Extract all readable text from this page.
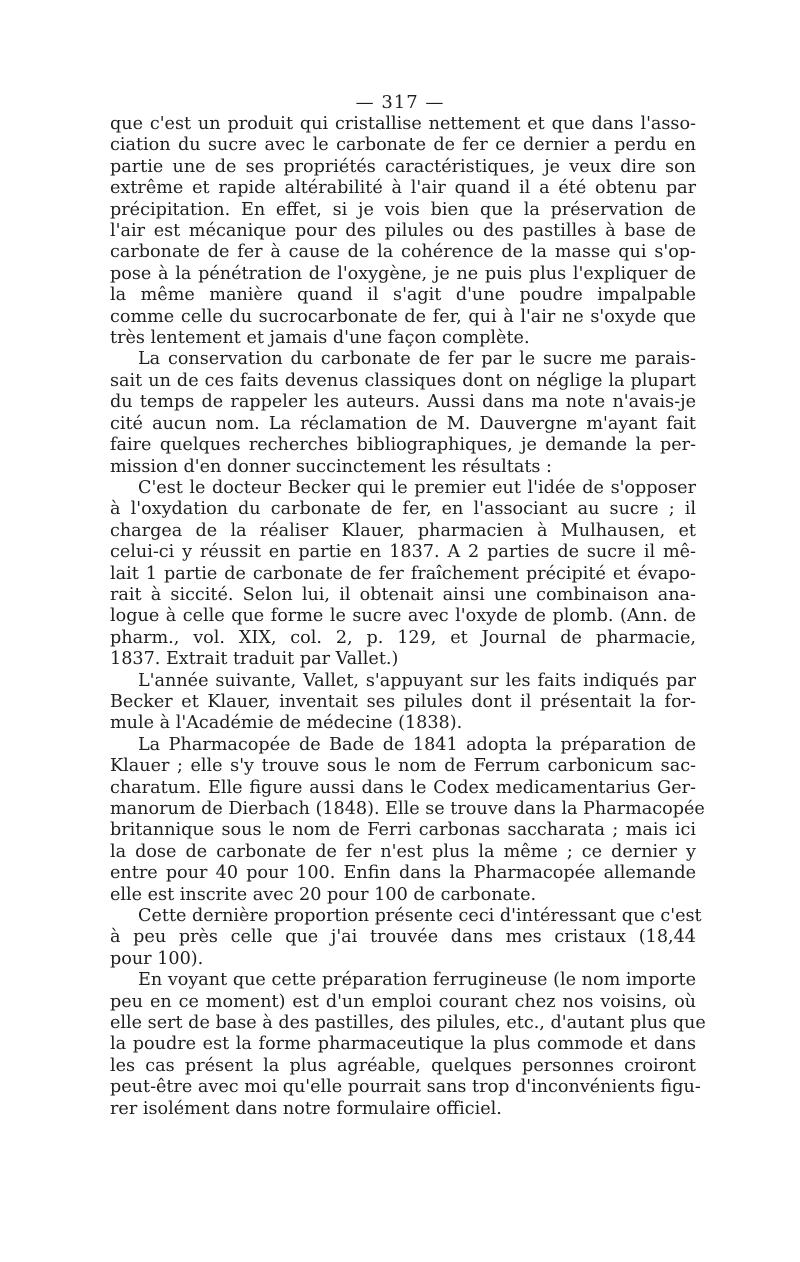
— 317 —
que c'est un produit qui cristallise nettement et que dans l'asso-
ciation du sucre avec le carbonate de fer ce dernier a perdu en
partie une de ses propriétés caractéristiques, je veux dire son
extrême et rapide altérabilité à l'air quand il a été obtenu par
précipitation. En effet, si je vois bien que la préservation de
l'air est mécanique pour des pilules ou des pastilles à base de
carbonate de fer à cause de la cohérence de la masse qui s'op-
pose à la pénétration de l'oxygène, je ne puis plus l'expliquer de
la même manière quand il s'agit d'une poudre impalpable
comme celle du sucrocarbonate de fer, qui à l'air ne s'oxyde que
très lentement et jamais d'une façon complète.
La conservation du carbonate de fer par le sucre me parais-
sait un de ces faits devenus classiques dont on néglige la plupart
du temps de rappeler les auteurs. Aussi dans ma note n'avais-je
cité aucun nom. La réclamation de M. Dauvergne m'ayant fait
faire quelques recherches bibliographiques, je demande la per-
mission d'en donner succinctement les résultats :
C'est le docteur Becker qui le premier eut l'idée de s'opposer
à l'oxydation du carbonate de fer, en l'associant au sucre ; il
chargea de la réaliser Klauer, pharmacien à Mulhausen, et
celui-ci y réussit en partie en 1837. A 2 parties de sucre il mê-
lait 1 partie de carbonate de fer fraîchement précipité et évapo-
rait à siccité. Selon lui, il obtenait ainsi une combinaison ana-
logue à celle que forme le sucre avec l'oxyde de plomb. (Ann. de
pharm., vol. XIX, col. 2, p. 129, et Journal de pharmacie,
1837. Extrait traduit par Vallet.)
L'année suivante, Vallet, s'appuyant sur les faits indiqués par
Becker et Klauer, inventait ses pilules dont il présentait la for-
mule à l'Académie de médecine (1838).
La Pharmacopée de Bade de 1841 adopta la préparation de
Klauer ; elle s'y trouve sous le nom de Ferrum carbonicum sac-
charatum. Elle figure aussi dans le Codex medicamentarius Ger-
manorum de Dierbach (1848). Elle se trouve dans la Pharmacopée
britannique sous le nom de Ferri carbonas saccharata ; mais ici
la dose de carbonate de fer n'est plus la même ; ce dernier y
entre pour 40 pour 100. Enfin dans la Pharmacopée allemande
elle est inscrite avec 20 pour 100 de carbonate.
Cette dernière proportion présente ceci d'intéressant que c'est
à peu près celle que j'ai trouvée dans mes cristaux (18,44
pour 100).
En voyant que cette préparation ferrugineuse (le nom importe
peu en ce moment) est d'un emploi courant chez nos voisins, où
elle sert de base à des pastilles, des pilules, etc., d'autant plus que
la poudre est la forme pharmaceutique la plus commode et dans
les cas présent la plus agréable, quelques personnes croiront
peut-être avec moi qu'elle pourrait sans trop d'inconvénients figu-
rer isolément dans notre formulaire officiel.
